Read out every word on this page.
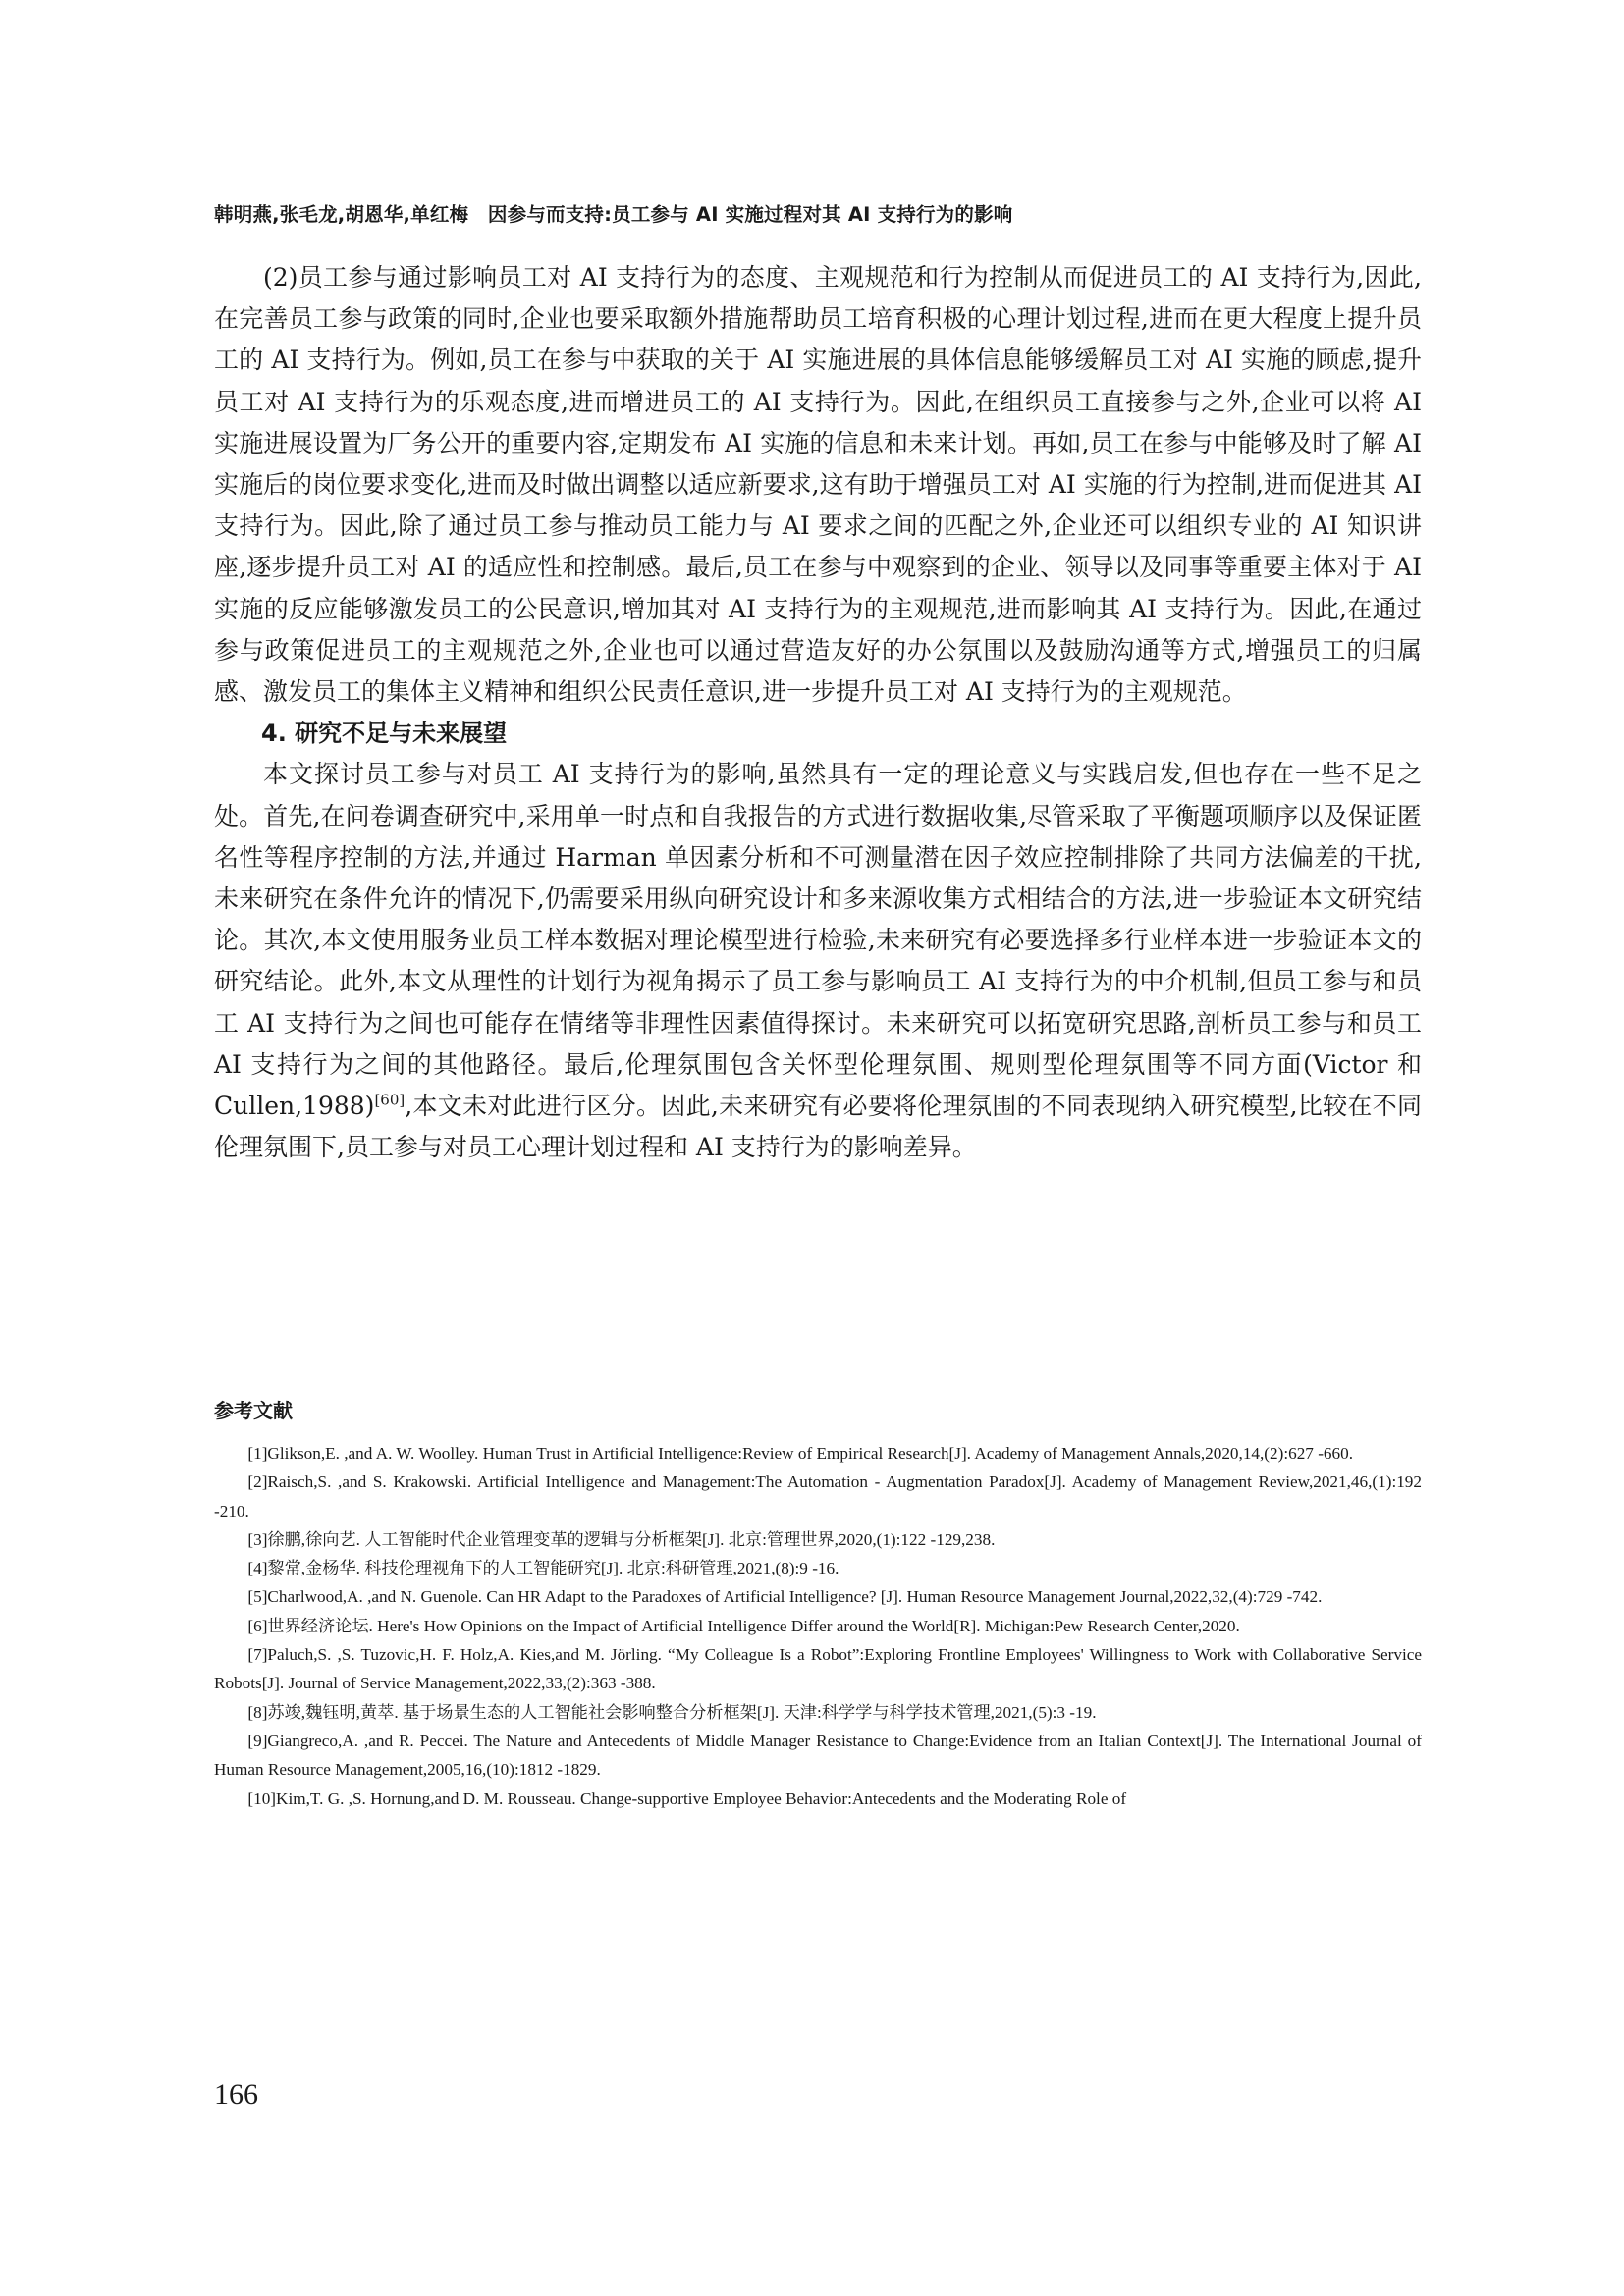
韩明燕,张毛龙,胡恩华,单红梅　因参与而支持:员工参与 AI 实施过程对其 AI 支持行为的影响

(2)员工参与通过影响员工对 AI 支持行为的态度、主观规范和行为控制从而促进员工的 AI 支持行为,因此,在完善员工参与政策的同时,企业也要采取额外措施帮助员工培育积极的心理计划过程,进而在更大程度上提升员工的 AI 支持行为。例如,员工在参与中获取的关于 AI 实施进展的具体信息能够缓解员工对 AI 实施的顾虑,提升员工对 AI 支持行为的乐观态度,进而增进员工的 AI 支持行为。因此,在组织员工直接参与之外,企业可以将 AI 实施进展设置为厂务公开的重要内容,定期发布 AI 实施的信息和未来计划。再如,员工在参与中能够及时了解 AI 实施后的岗位要求变化,进而及时做出调整以适应新要求,这有助于增强员工对 AI 实施的行为控制,进而促进其 AI 支持行为。因此,除了通过员工参与推动员工能力与 AI 要求之间的匹配之外,企业还可以组织专业的 AI 知识讲座,逐步提升员工对 AI 的适应性和控制感。最后,员工在参与中观察到的企业、领导以及同事等重要主体对于 AI 实施的反应能够激发员工的公民意识,增加其对 AI 支持行为的主观规范,进而影响其 AI 支持行为。因此,在通过参与政策促进员工的主观规范之外,企业也可以通过营造友好的办公氛围以及鼓励沟通等方式,增强员工的归属感、激发员工的集体主义精神和组织公民责任意识,进一步提升员工对 AI 支持行为的主观规范。

4. 研究不足与未来展望

本文探讨员工参与对员工 AI 支持行为的影响,虽然具有一定的理论意义与实践启发,但也存在一些不足之处。首先,在问卷调查研究中,采用单一时点和自我报告的方式进行数据收集,尽管采取了平衡题项顺序以及保证匿名性等程序控制的方法,并通过 Harman 单因素分析和不可测量潜在因子效应控制排除了共同方法偏差的干扰,未来研究在条件允许的情况下,仍需要采用纵向研究设计和多来源收集方式相结合的方法,进一步验证本文研究结论。其次,本文使用服务业员工样本数据对理论模型进行检验,未来研究有必要选择多行业样本进一步验证本文的研究结论。此外,本文从理性的计划行为视角揭示了员工参与影响员工 AI 支持行为的中介机制,但员工参与和员工 AI 支持行为之间也可能存在情绪等非理性因素值得探讨。未来研究可以拓宽研究思路,剖析员工参与和员工 AI 支持行为之间的其他路径。最后,伦理氛围包含关怀型伦理氛围、规则型伦理氛围等不同方面(Victor 和 Cullen,1988)[60],本文未对此进行区分。因此,未来研究有必要将伦理氛围的不同表现纳入研究模型,比较在不同伦理氛围下,员工参与对员工心理计划过程和 AI 支持行为的影响差异。

参考文献

[1]Glikson,E. ,and A. W. Woolley. Human Trust in Artificial Intelligence:Review of Empirical Research[J]. Academy of Management Annals,2020,14,(2):627 -660.

[2]Raisch,S. ,and S. Krakowski. Artificial Intelligence and Management:The Automation - Augmentation Paradox[J]. Academy of Management Review,2021,46,(1):192 -210.

[3]徐鹏,徐向艺. 人工智能时代企业管理变革的逻辑与分析框架[J]. 北京:管理世界,2020,(1):122 -129,238.

[4]黎常,金杨华. 科技伦理视角下的人工智能研究[J]. 北京:科研管理,2021,(8):9 -16.

[5]Charlwood,A. ,and N. Guenole. Can HR Adapt to the Paradoxes of Artificial Intelligence? [J]. Human Resource Management Journal,2022,32,(4):729 -742.

[6]世界经济论坛. Here's How Opinions on the Impact of Artificial Intelligence Differ around the World[R]. Michigan:Pew Research Center,2020.

[7]Paluch,S. ,S. Tuzovic,H. F. Holz,A. Kies,and M. Jörling. “My Colleague Is a Robot”:Exploring Frontline Employees' Willingness to Work with Collaborative Service Robots[J]. Journal of Service Management,2022,33,(2):363 -388.

[8]苏竣,魏钰明,黄萃. 基于场景生态的人工智能社会影响整合分析框架[J]. 天津:科学学与科学技术管理,2021,(5):3 -19.

[9]Giangreco,A. ,and R. Peccei. The Nature and Antecedents of Middle Manager Resistance to Change:Evidence from an Italian Context[J]. The International Journal of Human Resource Management,2005,16,(10):1812 -1829.

[10]Kim,T. G. ,S. Hornung,and D. M. Rousseau. Change-supportive Employee Behavior:Antecedents and the Moderating Role of

166
